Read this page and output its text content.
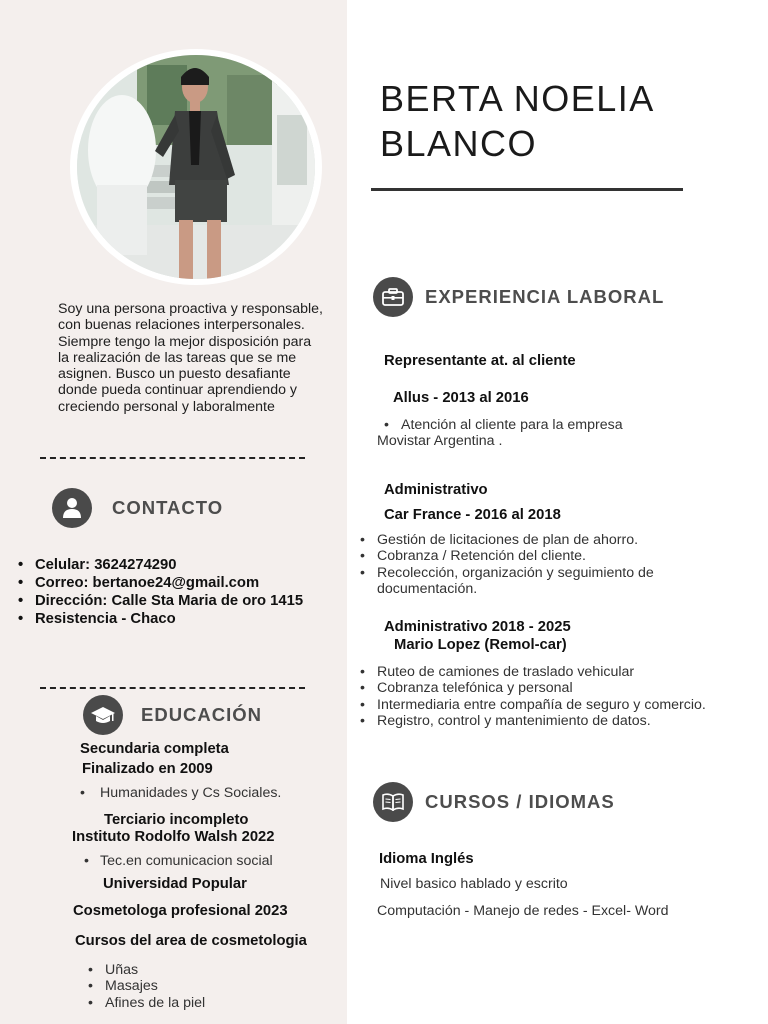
Soy una persona proactiva y responsable, con buenas relaciones interpersonales. Siempre tengo la mejor disposición para la realización de las tareas que se me asignen. Busco un puesto desafiante donde pueda continuar aprendiendo y creciendo personal y laboralmente
CONTACTO
• Celular: 3624274290
• Correo: bertanoe24@gmail.com
• Dirección: Calle Sta Maria de oro 1415
• Resistencia - Chaco
EDUCACIÓN
Secundaria completa
Finalizado en 2009
• Humanidades y Cs Sociales.
Terciario incompleto
Instituto Rodolfo Walsh 2022
• Tec.en comunicacion social
Universidad Popular
Cosmetologa profesional 2023
Cursos del area de cosmetologia
• Uñas
• Masajes
• Afines de la piel
BERTA NOELIA
BLANCO
EXPERIENCIA LABORAL
Representante at. al cliente
Allus - 2013 al 2016
• Atención al cliente para la empresa
Movistar Argentina .
Administrativo
Car France - 2016 al 2018
• Gestión de licitaciones de plan de ahorro.
• Cobranza / Retención del cliente.
• Recolección, organización y seguimiento de documentación.
Administrativo 2018 - 2025
Mario Lopez (Remol-car)
• Ruteo de camiones de traslado vehicular
• Cobranza telefónica y personal
• Intermediaria entre compañía de seguro y comercio.
• Registro, control y mantenimiento de datos.
CURSOS / IDIOMAS
Idioma Inglés
Nivel basico hablado y escrito
Computación - Manejo de redes - Excel- Word
